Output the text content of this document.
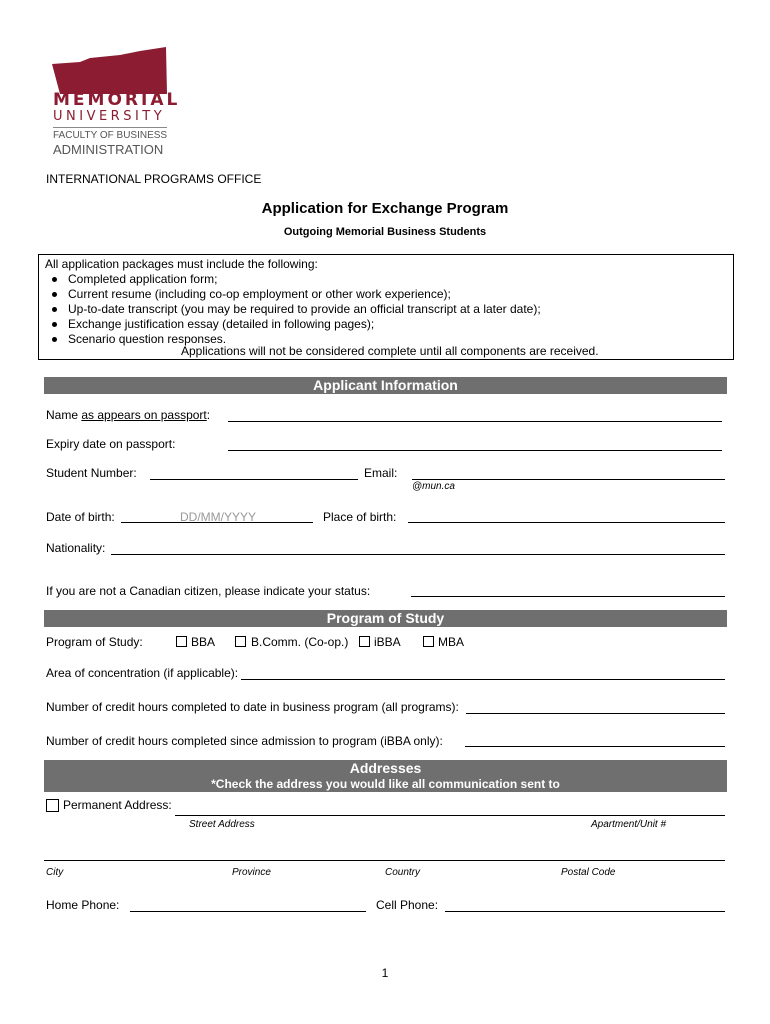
MEMORIAL
UNIVERSITY
FACULTY OF BUSINESS
ADMINISTRATION
INTERNATIONAL PROGRAMS OFFICE
Application for Exchange Program
Outgoing Memorial Business Students
All application packages must include the following:
Completed application form;
Current resume (including co-op employment or other work experience);
Up-to-date transcript (you may be required to provide an official transcript at a later date);
Exchange justification essay (detailed in following pages);
Scenario question responses.
Applications will not be considered complete until all components are received.
Applicant Information
Name as appears on passport:
Expiry date on passport:
Student Number:	Email:
@mun.ca
Date of birth:	DD/MM/YYYY	Place of birth:
Nationality:
If you are not a Canadian citizen, please indicate your status:
Program of Study
Program of Study:	BBA	B.Comm. (Co-op.)	iBBA	MBA
Area of concentration (if applicable):
Number of credit hours completed to date in business program (all programs):
Number of credit hours completed since admission to program (iBBA only):
Addresses
*Check the address you would like all communication sent to
Permanent Address:
Street Address	Apartment/Unit #
City	Province	Country	Postal Code
Home Phone:	Cell Phone:
1
